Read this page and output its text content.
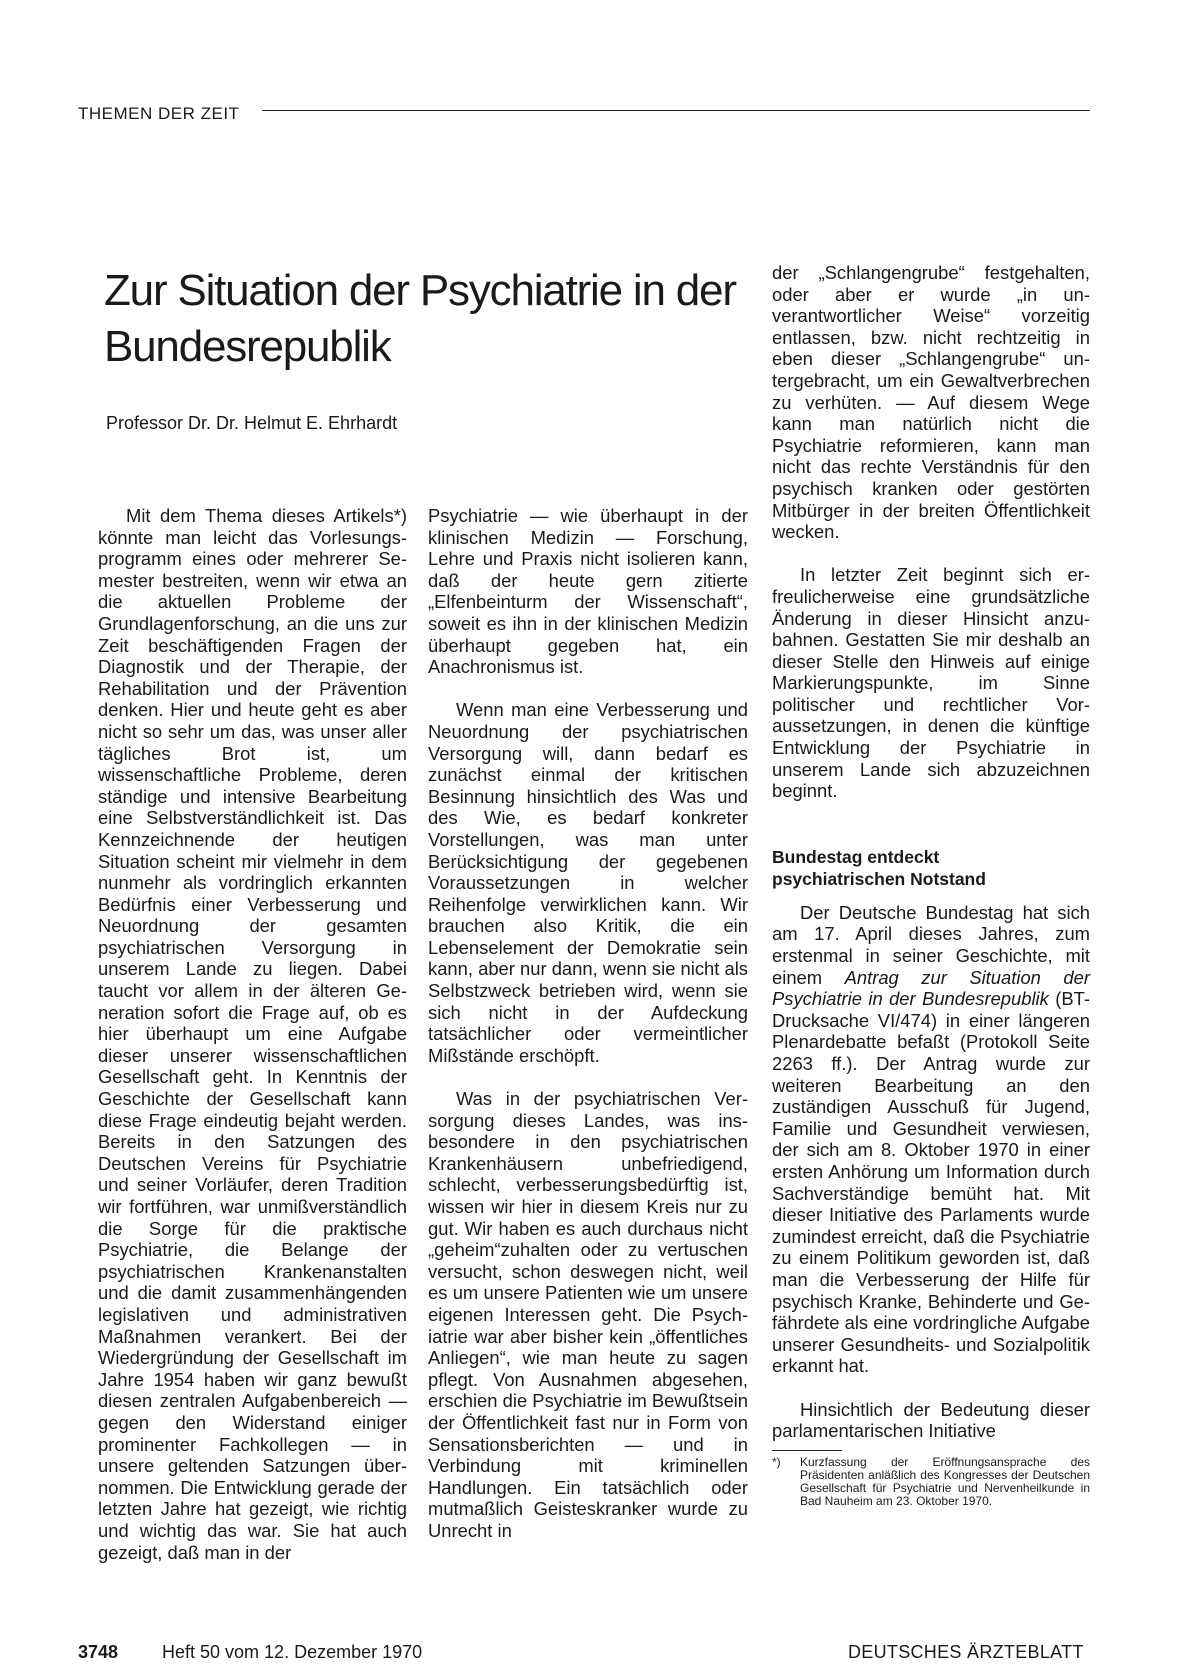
THEMEN DER ZEIT
Zur Situation der Psychiatrie in der Bundesrepublik
Professor Dr. Dr. Helmut E. Ehrhardt

Mit dem Thema dieses Artikels*) könnte man leicht das Vorlesungsprogramm eines oder mehrerer Semester bestreiten, wenn wir etwa an die aktuellen Probleme der Grundlagenforschung, an die uns zur Zeit beschäftigenden Fragen der Diagnostik und der Therapie, der Rehabilitation und der Prävention denken. Hier und heute geht es aber nicht so sehr um das, was unser aller tägliches Brot ist, um wissenschaftliche Probleme, deren ständige und intensive Bearbeitung eine Selbstverständlichkeit ist. Das Kennzeichnende der heutigen Situation scheint mir vielmehr in dem nunmehr als vordringlich erkannten Bedürfnis einer Verbesserung und Neuordnung der gesamten psychiatrischen Versorgung in unserem Lande zu liegen. Dabei taucht vor allem in der älteren Generation sofort die Frage auf, ob es hier überhaupt um eine Aufgabe dieser unserer wissenschaftlichen Gesellschaft geht. In Kenntnis der Geschichte der Gesellschaft kann diese Frage eindeutig bejaht werden. Bereits in den Satzungen des Deutschen Vereins für Psychiatrie und seiner Vorläufer, deren Tradition wir fortführen, war unmißverständlich die Sorge für die praktische Psychiatrie, die Belange der psychiatrischen Krankenanstalten und die damit zusammenhängenden legislativen und administrativen Maßnahmen verankert. Bei der Wiedergründung der Gesellschaft im Jahre 1954 haben wir ganz bewußt diesen zentralen Aufgabenbereich — gegen den Widerstand einiger prominenter Fachkollegen — in unsere geltenden Satzungen übernommen. Die Entwicklung gerade der letzten Jahre hat gezeigt, wie richtig und wichtig das war. Sie hat auch gezeigt, daß man in der

Psychiatrie — wie überhaupt in der klinischen Medizin — Forschung, Lehre und Praxis nicht isolieren kann, daß der heute gern zitierte „Elfenbeinturm der Wissenschaft“, soweit es ihn in der klinischen Medizin überhaupt gegeben hat, ein Anachronismus ist.

Wenn man eine Verbesserung und Neuordnung der psychiatrischen Versorgung will, dann bedarf es zunächst einmal der kritischen Besinnung hinsichtlich des Was und des Wie, es bedarf konkreter Vorstellungen, was man unter Berücksichtigung der gegebenen Voraussetzungen in welcher Reihenfolge verwirklichen kann. Wir brauchen also Kritik, die ein Lebenselement der Demokratie sein kann, aber nur dann, wenn sie nicht als Selbstzweck betrieben wird, wenn sie sich nicht in der Aufdeckung tatsächlicher oder vermeintlicher Mißstände erschöpft.

Was in der psychiatrischen Versorgung dieses Landes, was insbesondere in den psychiatrischen Krankenhäusern unbefriedigend, schlecht, verbesserungsbedürftig ist, wissen wir hier in diesem Kreis nur zu gut. Wir haben es auch durchaus nicht „geheim“zuhalten oder zu vertuschen versucht, schon deswegen nicht, weil es um unsere Patienten wie um unsere eigenen Interessen geht. Die Psychiatrie war aber bisher kein „öffentliches Anliegen“, wie man heute zu sagen pflegt. Von Ausnahmen abgesehen, erschien die Psychiatrie im Bewußtsein der Öffentlichkeit fast nur in Form von Sensationsberichten — und in Verbindung mit kriminellen Handlungen. Ein tatsächlich oder mutmaßlich Geisteskranker wurde zu Unrecht in

der „Schlangengrube“ festgehalten, oder aber er wurde „in unverantwortlicher Weise“ vorzeitig entlassen, bzw. nicht rechtzeitig in eben dieser „Schlangengrube“ untergebracht, um ein Gewaltverbrechen zu verhüten. — Auf diesem Wege kann man natürlich nicht die Psychiatrie reformieren, kann man nicht das rechte Verständnis für den psychisch kranken oder gestörten Mitbürger in der breiten Öffentlichkeit wecken.

In letzter Zeit beginnt sich erfreulicherweise eine grundsätzliche Änderung in dieser Hinsicht anzubahnen. Gestatten Sie mir deshalb an dieser Stelle den Hinweis auf einige Markierungspunkte, im Sinne politischer und rechtlicher Voraussetzungen, in denen die künftige Entwicklung der Psychiatrie in unserem Lande sich abzuzeichnen beginnt.

Bundestag entdeckt
psychiatrischen Notstand

Der Deutsche Bundestag hat sich am 17. April dieses Jahres, zum erstenmal in seiner Geschichte, mit einem Antrag zur Situation der Psychiatrie in der Bundesrepublik (BT-Drucksache VI/474) in einer längeren Plenardebatte befaßt (Protokoll Seite 2263 ff.). Der Antrag wurde zur weiteren Bearbeitung an den zuständigen Ausschuß für Jugend, Familie und Gesundheit verwiesen, der sich am 8. Oktober 1970 in einer ersten Anhörung um Information durch Sachverständige bemüht hat. Mit dieser Initiative des Parlaments wurde zumindest erreicht, daß die Psychiatrie zu einem Politikum geworden ist, daß man die Verbesserung der Hilfe für psychisch Kranke, Behinderte und Gefährdete als eine vordringliche Aufgabe unserer Gesundheits- und Sozialpolitik erkannt hat.

Hinsichtlich der Bedeutung dieser parlamentarischen Initiative

*) Kurzfassung der Eröffnungsansprache des Präsidenten anläßlich des Kongresses der Deutschen Gesellschaft für Psychiatrie und Nervenheilkunde in Bad Nauheim am 23. Oktober 1970.
3748 Heft 50 vom 12. Dezember 1970	DEUTSCHES ÄRZTEBLATT
